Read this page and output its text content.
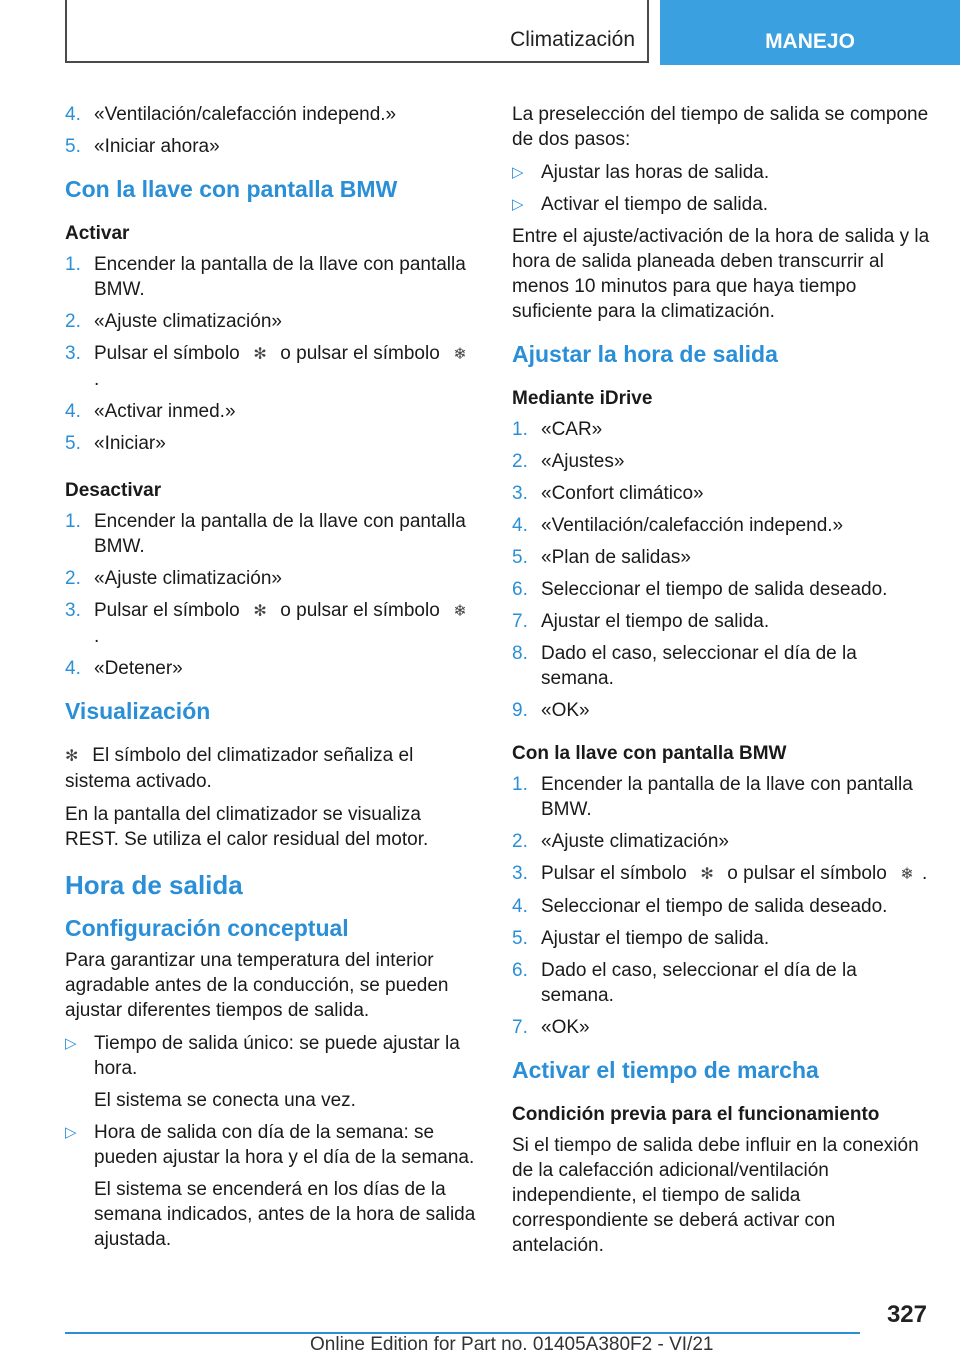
Climatización	MANEJO
4. «Ventilación/calefacción independ.»
5. «Iniciar ahora»
Con la llave con pantalla BMW
Activar
1. Encender la pantalla de la llave con pantalla BMW.
2. «Ajuste climatización»
3. Pulsar el símbolo ✻ o pulsar el símbolo ❄.
4. «Activar inmed.»
5. «Iniciar»
Desactivar
1. Encender la pantalla de la llave con pantalla BMW.
2. «Ajuste climatización»
3. Pulsar el símbolo ✻ o pulsar el símbolo ❄.
4. «Detener»
Visualización

✻ El símbolo del climatizador señaliza el sistema activado.

En la pantalla del climatizador se visualiza REST. Se utiliza el calor residual del motor.

Hora de salida
Configuración conceptual

Para garantizar una temperatura del interior agradable antes de la conducción, se pueden ajustar diferentes tiempos de salida.

▷ Tiempo de salida único: se puede ajustar la hora.
El sistema se conecta una vez.
▷ Hora de salida con día de la semana: se pueden ajustar la hora y el día de la semana.
El sistema se encenderá en los días de la semana indicados, antes de la hora de salida ajustada.

La preselección del tiempo de salida se compone de dos pasos:

▷ Ajustar las horas de salida.
▷ Activar el tiempo de salida.

Entre el ajuste/activación de la hora de salida y la hora de salida planeada deben transcurrir al menos 10 minutos para que haya tiempo suficiente para la climatización.

Ajustar la hora de salida
Mediante iDrive
1. «CAR»
2. «Ajustes»
3. «Confort climático»
4. «Ventilación/calefacción independ.»
5. «Plan de salidas»
6. Seleccionar el tiempo de salida deseado.
7. Ajustar el tiempo de salida.
8. Dado el caso, seleccionar el día de la semana.
9. «OK»
Con la llave con pantalla BMW
1. Encender la pantalla de la llave con pantalla BMW.
2. «Ajuste climatización»
3. Pulsar el símbolo ✻ o pulsar el símbolo ❄ .
4. Seleccionar el tiempo de salida deseado.
5. Ajustar el tiempo de salida.
6. Dado el caso, seleccionar el día de la semana.
7. «OK»
Activar el tiempo de marcha
Condición previa para el funcionamiento

Si el tiempo de salida debe influir en la conexión de la calefacción adicional/ventilación independiente, el tiempo de salida correspondiente se deberá activar con antelación.

327
Online Edition for Part no. 01405A380F2 - VI/21
